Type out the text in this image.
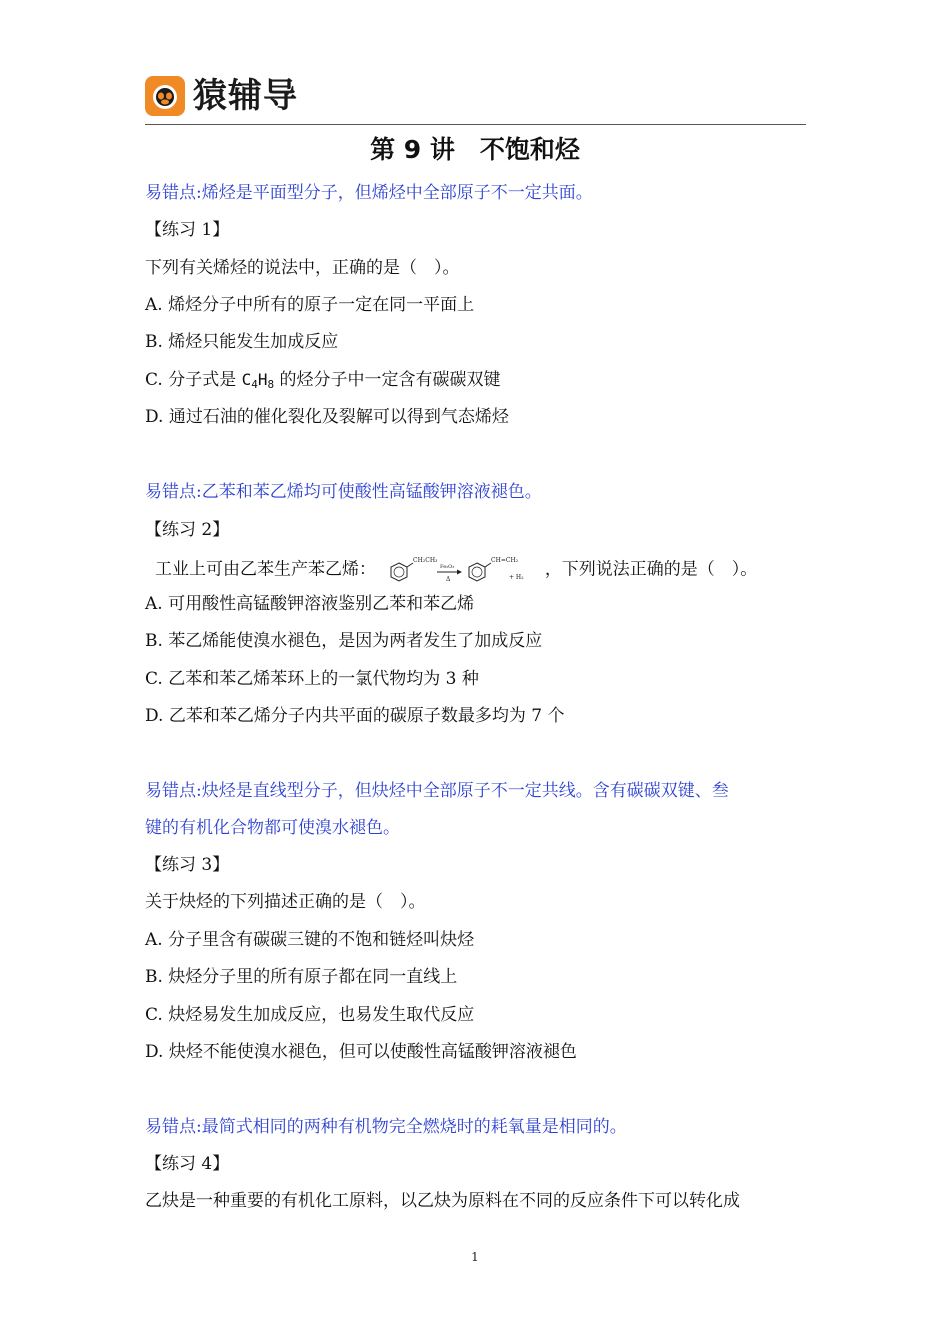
猿辅导
第 9 讲　不饱和烃
易错点:烯烃是平面型分子，但烯烃中全部原子不一定共面。
【练习 1】
下列有关烯烃的说法中，正确的是（　）。
A. 烯烃分子中所有的原子一定在同一平面上
B. 烯烃只能发生加成反应
C. 分子式是 $C_4H_8$ 的烃分子中一定含有碳碳双键
D. 通过石油的催化裂化及裂解可以得到气态烯烃
易错点:乙苯和苯乙烯均可使酸性高锰酸钾溶液褪色。
【练习 2】
工业上可由乙苯生产苯乙烯：	CH₂CH₃
Fe₂O₃
Δ
CH=CH₂
+ H₂ ，下列说法正确的是（　）。
A. 可用酸性高锰酸钾溶液鉴别乙苯和苯乙烯
B. 苯乙烯能使溴水褪色，是因为两者发生了加成反应
C. 乙苯和苯乙烯苯环上的一氯代物均为 3 种
D. 乙苯和苯乙烯分子内共平面的碳原子数最多均为 7 个
易错点:炔烃是直线型分子，但炔烃中全部原子不一定共线。含有碳碳双键、叁
键的有机化合物都可使溴水褪色。
【练习 3】
关于炔烃的下列描述正确的是（　）。
A. 分子里含有碳碳三键的不饱和链烃叫炔烃
B. 炔烃分子里的所有原子都在同一直线上
C. 炔烃易发生加成反应，也易发生取代反应
D. 炔烃不能使溴水褪色，但可以使酸性高锰酸钾溶液褪色
易错点:最简式相同的两种有机物完全燃烧时的耗氧量是相同的。
【练习 4】
乙炔是一种重要的有机化工原料，以乙炔为原料在不同的反应条件下可以转化成
1
